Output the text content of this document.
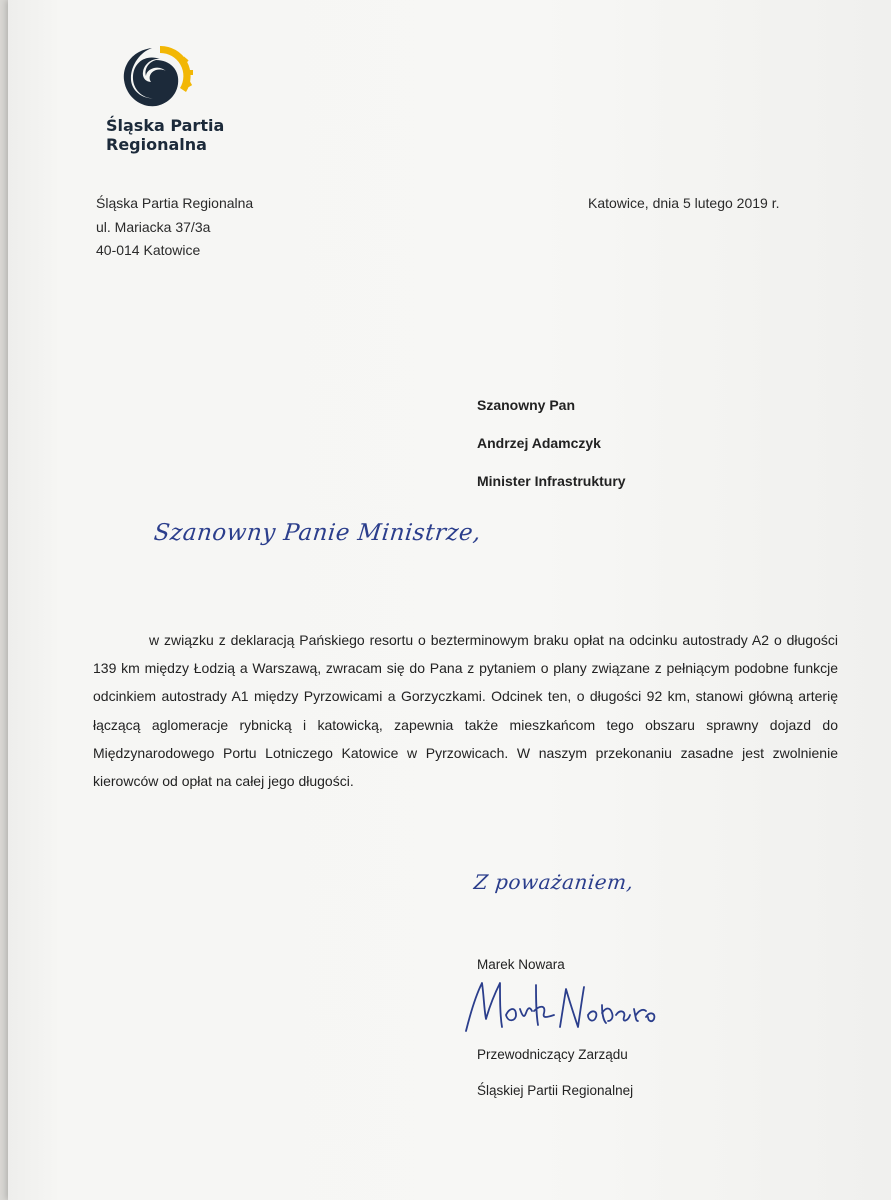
Śląska Partia
Regionalna
Śląska Partia Regionalna
ul. Mariacka 37/3a
40-014 Katowice
Katowice, dnia 5 lutego 2019 r.
Szanowny Pan
Andrzej Adamczyk
Minister Infrastruktury
Szanowny Panie Ministrze,
w związku z deklaracją Pańskiego resortu o bezterminowym braku opłat na odcinku autostrady A2 o długości 139 km między Łodzią a Warszawą, zwracam się do Pana z pytaniem o plany związane z pełniącym podobne funkcje odcinkiem autostrady A1 między Pyrzowicami a Gorzyczkami. Odcinek ten, o długości 92 km, stanowi główną arterię łączącą aglomeracje rybnicką i katowicką, zapewnia także mieszkańcom tego obszaru sprawny dojazd do Międzynarodowego Portu Lotniczego Katowice w Pyrzowicach. W naszym przekonaniu zasadne jest zwolnienie kierowców od opłat na całej jego długości.
Z poważaniem,
Marek Nowara
Przewodniczący Zarządu
Śląskiej Partii Regionalnej
